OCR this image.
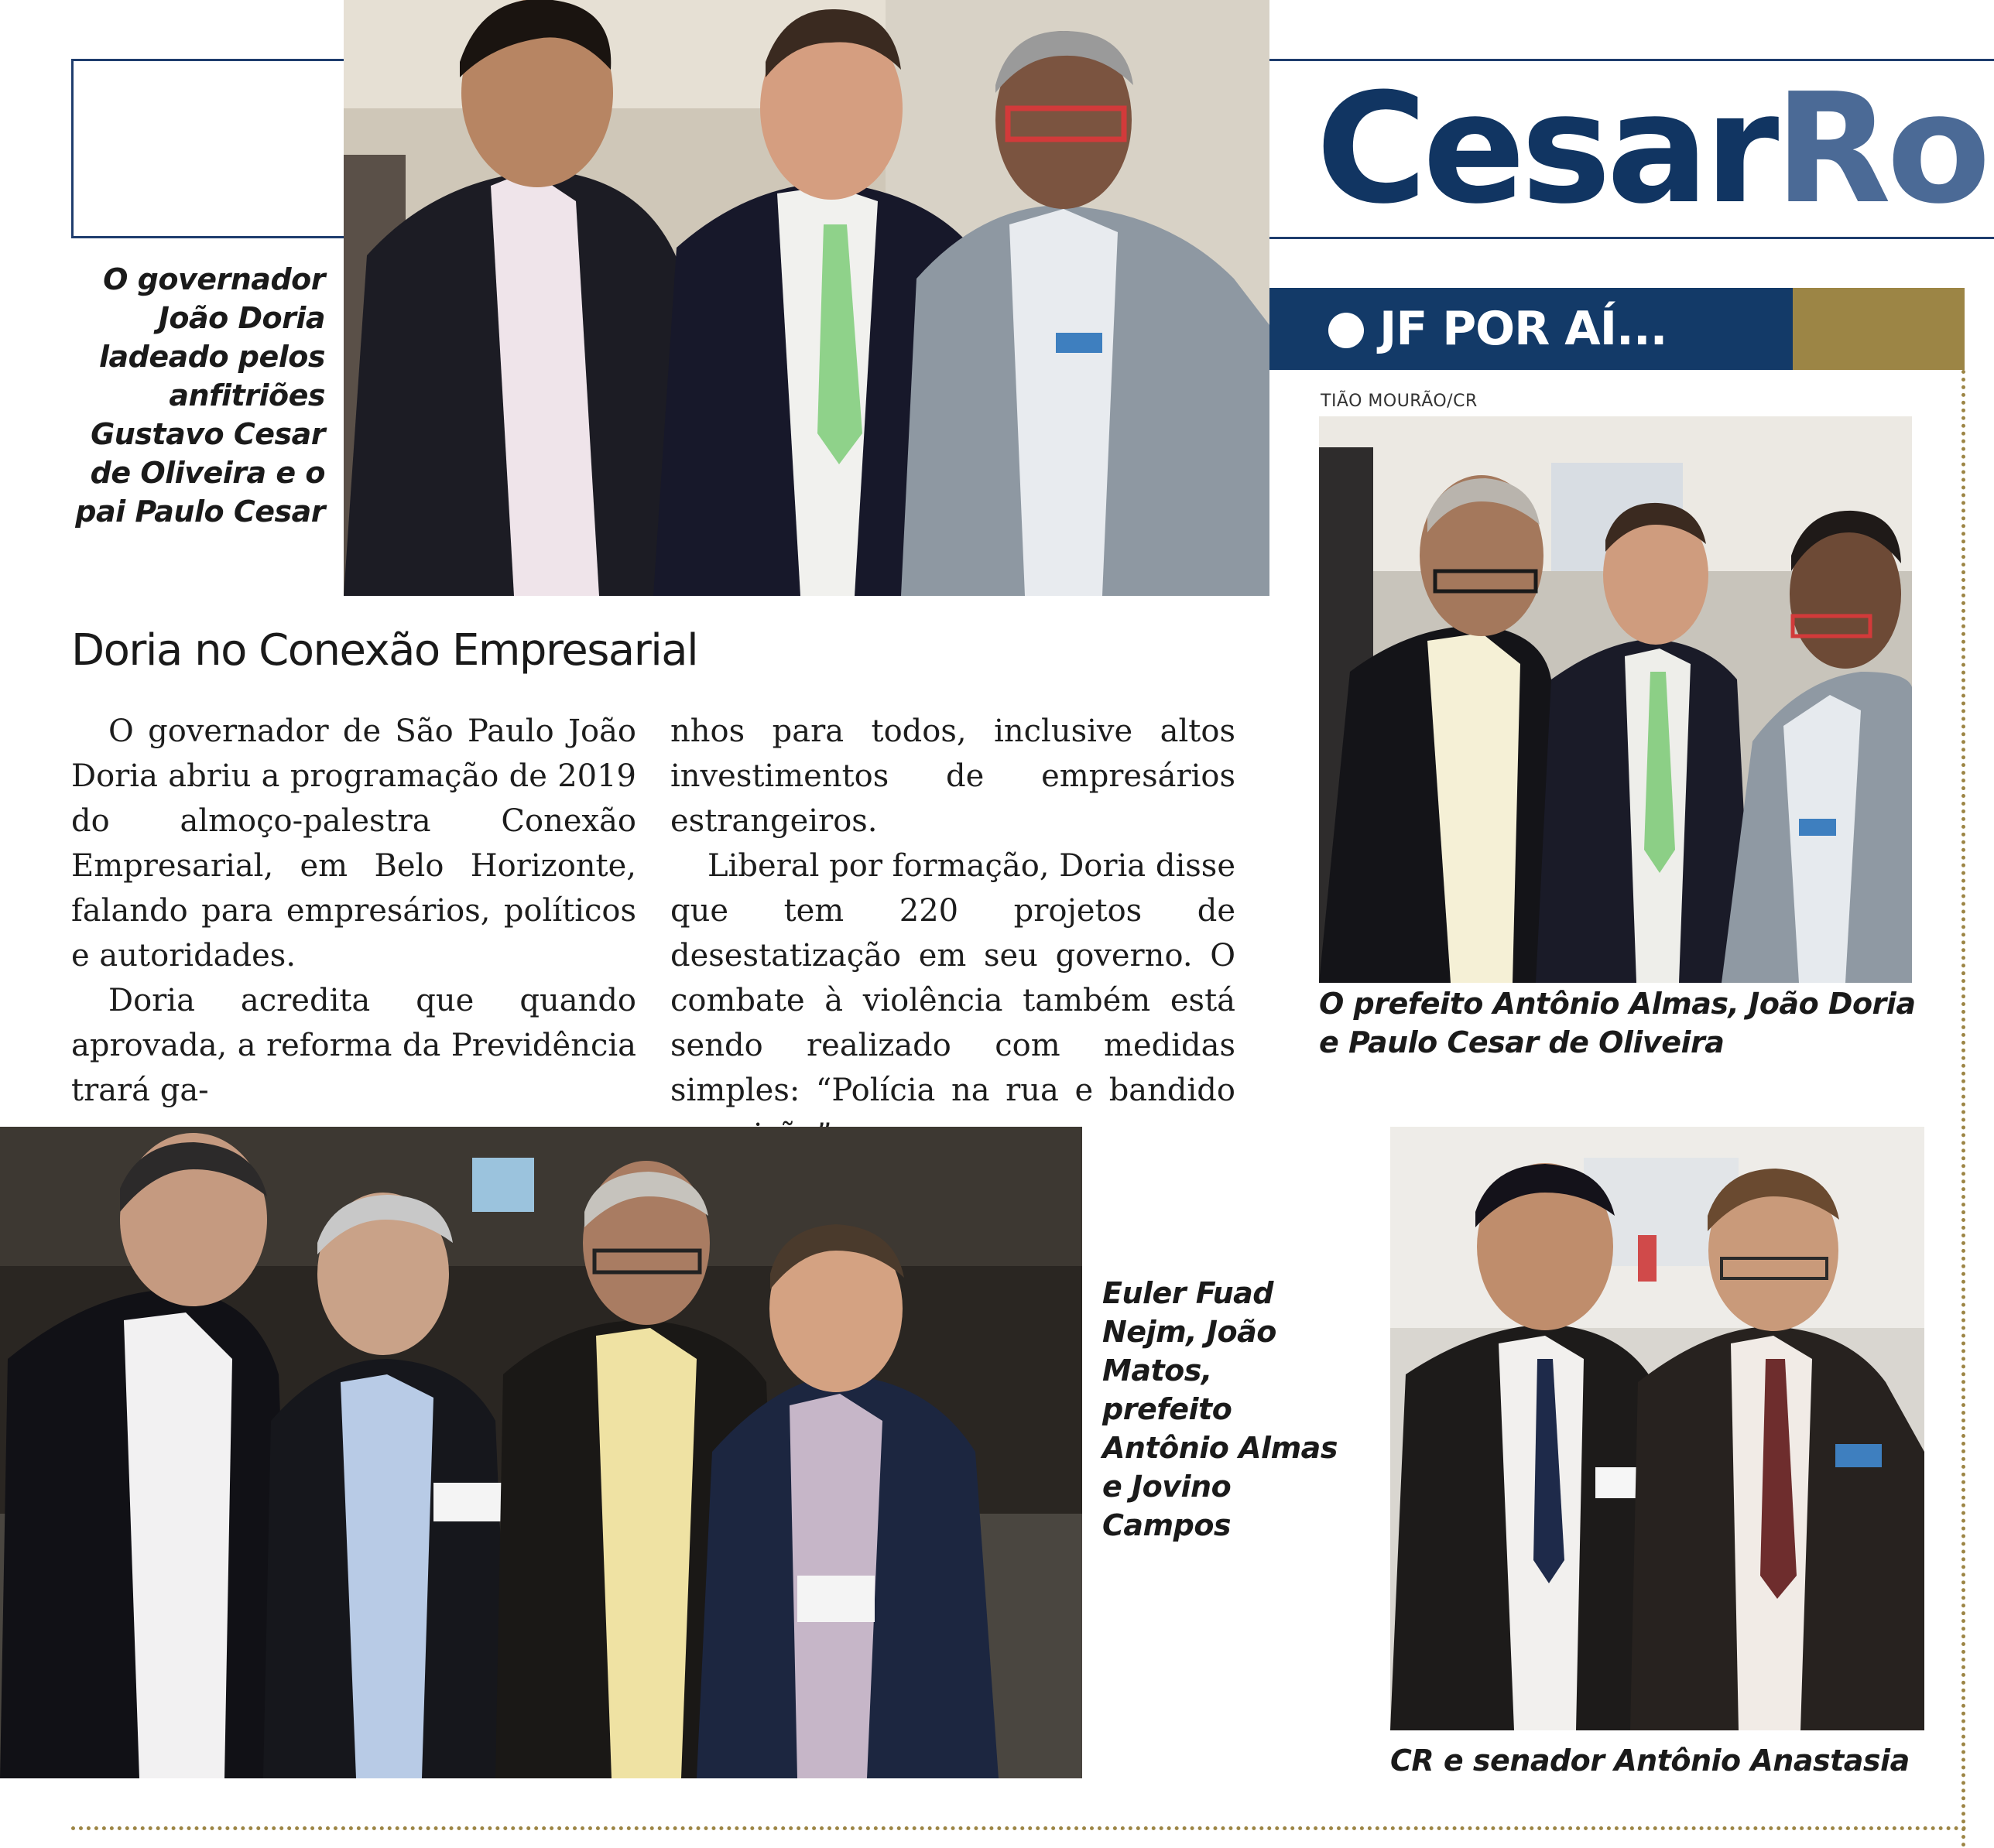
CesarRo
O governador João Doria ladeado pelos anfitriões Gustavo Cesar de Oliveira e o pai Paulo Cesar
JF POR AÍ...
TIÃO MOURÃO/CR
O prefeito Antônio Almas, João Doria e Paulo Cesar de Oliveira
Doria no Conexão Empresarial

O governador de São Paulo João Doria abriu a programação de 2019 do almoço-palestra Conexão Empresarial, em Belo Horizonte, falando para empresários, políticos e autoridades.

Doria acredita que quando aprovada, a reforma da Previdência trará ga-

nhos para todos, inclusive altos investimentos de empresários estrangeiros.

Liberal por formação, Doria disse que tem 220 projetos de desestatização em seu governo. O combate à violência também está sendo realizado com medidas simples: “Polícia na rua e bandido

Euler Fuad Nejm, João Matos, prefeito Antônio Almas e Jovino Campos
CR e senador Antônio Anastasia
